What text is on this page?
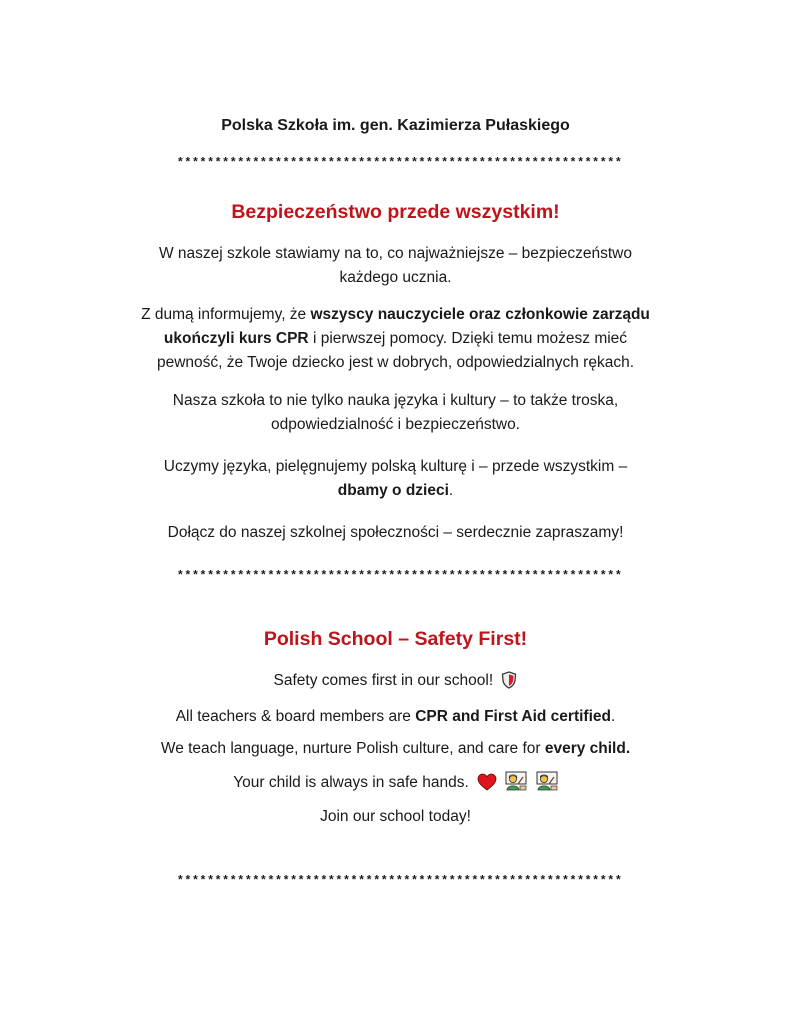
Polska Szkoła im. gen. Kazimierza Pułaskiego
***********************************************************
Bezpieczeństwo przede wszystkim!
W naszej szkole stawiamy na to, co najważniejsze – bezpieczeństwo
każdego ucznia.
Z dumą informujemy, że wszyscy nauczyciele oraz członkowie zarządu
ukończyli kurs CPR i pierwszej pomocy. Dzięki temu możesz mieć
pewność, że Twoje dziecko jest w dobrych, odpowiedzialnych rękach.
Nasza szkoła to nie tylko nauka języka i kultury – to także troska,
odpowiedzialność i bezpieczeństwo.
Uczymy języka, pielęgnujemy polską kulturę i – przede wszystkim –
dbamy o dzieci.
Dołącz do naszej szkolnej społeczności – serdecznie zapraszamy!
***********************************************************
Polish School – Safety First!
Safety comes first in our school!
All teachers & board members are CPR and First Aid certified.
We teach language, nurture Polish culture, and care for every child.
Your child is always in safe hands.
Join our school today!
***********************************************************
